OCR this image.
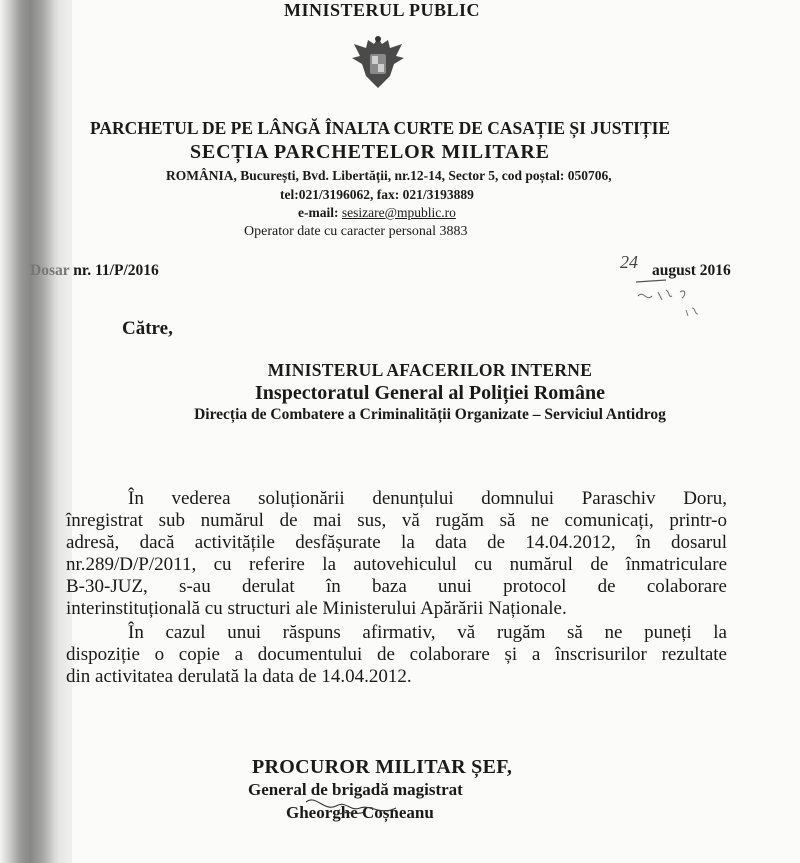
MINISTERUL PUBLIC
PARCHETUL DE PE LÂNGĂ ÎNALTA CURTE DE CASAȚIE ȘI JUSTIȚIE
SECȚIA PARCHETELOR MILITARE
ROMÂNIA, București, Bvd. Libertății, nr.12-14, Sector 5, cod poștal: 050706,
tel:021/3196062, fax: 021/3193889
e-mail: sesizare@mpublic.ro
Operator date cu caracter personal 3883
Dosar nr. 11/P/2016	august 2016
24
Către,
MINISTERUL AFACERILOR INTERNE
Inspectoratul General al Poliției Române
Direcția de Combatere a Criminalității Organizate – Serviciul Antidrog
În vederea soluționării denunțului domnului Paraschiv Doru,
înregistrat sub numărul de mai sus, vă rugăm să ne comunicați, printr-o
adresă, dacă activitățile desfășurate la data de 14.04.2012, în dosarul
nr.289/D/P/2011, cu referire la autovehiculul cu numărul de înmatriculare
B-30-JUZ, s-au derulat în baza unui protocol de colaborare
interinstituțională cu structuri ale Ministerului Apărării Naționale.
În cazul unui răspuns afirmativ, vă rugăm să ne puneți la
dispoziție o copie a documentului de colaborare și a înscrisurilor rezultate
din activitatea derulată la data de 14.04.2012.
PROCUROR MILITAR ȘEF,
General de brigadă magistrat
Gheorghe Coșneanu
